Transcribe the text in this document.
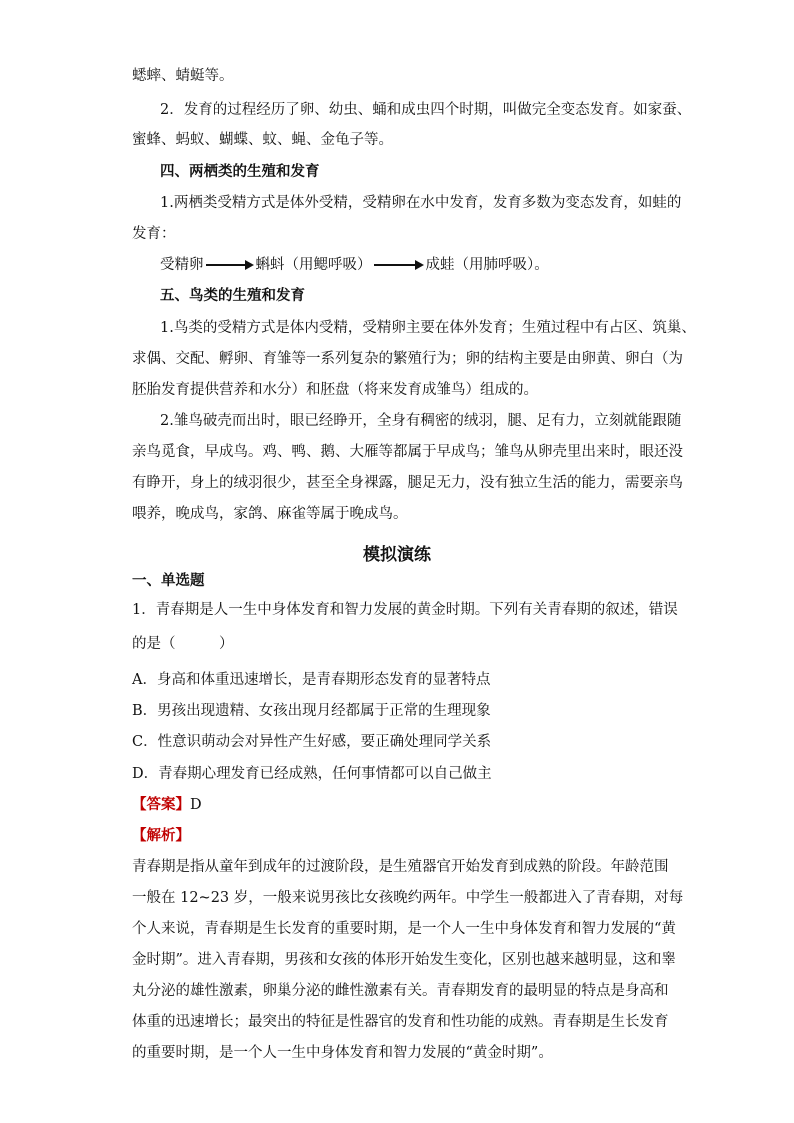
蟋蟀、蜻蜓等。
2．发育的过程经历了卵、幼虫、蛹和成虫四个时期，叫做完全变态发育。如家蚕、
蜜蜂、蚂蚁、蝴蝶、蚊、蝇、金龟子等。
四、两栖类的生殖和发育
1.两栖类受精方式是体外受精，受精卵在水中发育，发育多数为变态发育，如蛙的
发育：
受精卵	蝌蚪（用鳃呼吸）	成蛙（用肺呼吸）。
五、鸟类的生殖和发育
1.鸟类的受精方式是体内受精，受精卵主要在体外发育；生殖过程中有占区、筑巢、
求偶、交配、孵卵、育雏等一系列复杂的繁殖行为；卵的结构主要是由卵黄、卵白（为
胚胎发育提供营养和水分）和胚盘（将来发育成雏鸟）组成的。
2.雏鸟破壳而出时，眼已经睁开，全身有稠密的绒羽，腿、足有力，立刻就能跟随
亲鸟觅食，早成鸟。鸡、鸭、鹅、大雁等都属于早成鸟；雏鸟从卵壳里出来时，眼还没
有睁开，身上的绒羽很少，甚至全身裸露，腿足无力，没有独立生活的能力，需要亲鸟
喂养，晚成鸟，家鸽、麻雀等属于晚成鸟。
模拟演练
一、单选题
1．青春期是人一生中身体发育和智力发展的黄金时期。下列有关青春期的叙述，错误
的是（　　　）
A．身高和体重迅速增长，是青春期形态发育的显著特点
B．男孩出现遗精、女孩出现月经都属于正常的生理现象
C．性意识萌动会对异性产生好感，要正确处理同学关系
D．青春期心理发育已经成熟，任何事情都可以自己做主
【答案】D
【解析】
青春期是指从童年到成年的过渡阶段，是生殖器官开始发育到成熟的阶段。年龄范围
一般在 12~23 岁，一般来说男孩比女孩晚约两年。中学生一般都进入了青春期，对每
个人来说，青春期是生长发育的重要时期，是一个人一生中身体发育和智力发展的“黄
金时期”。进入青春期，男孩和女孩的体形开始发生变化，区别也越来越明显，这和睾
丸分泌的雄性激素，卵巢分泌的雌性激素有关。青春期发育的最明显的特点是身高和
体重的迅速增长；最突出的特征是性器官的发育和性功能的成熟。青春期是生长发育
的重要时期，是一个人一生中身体发育和智力发展的“黄金时期”。
